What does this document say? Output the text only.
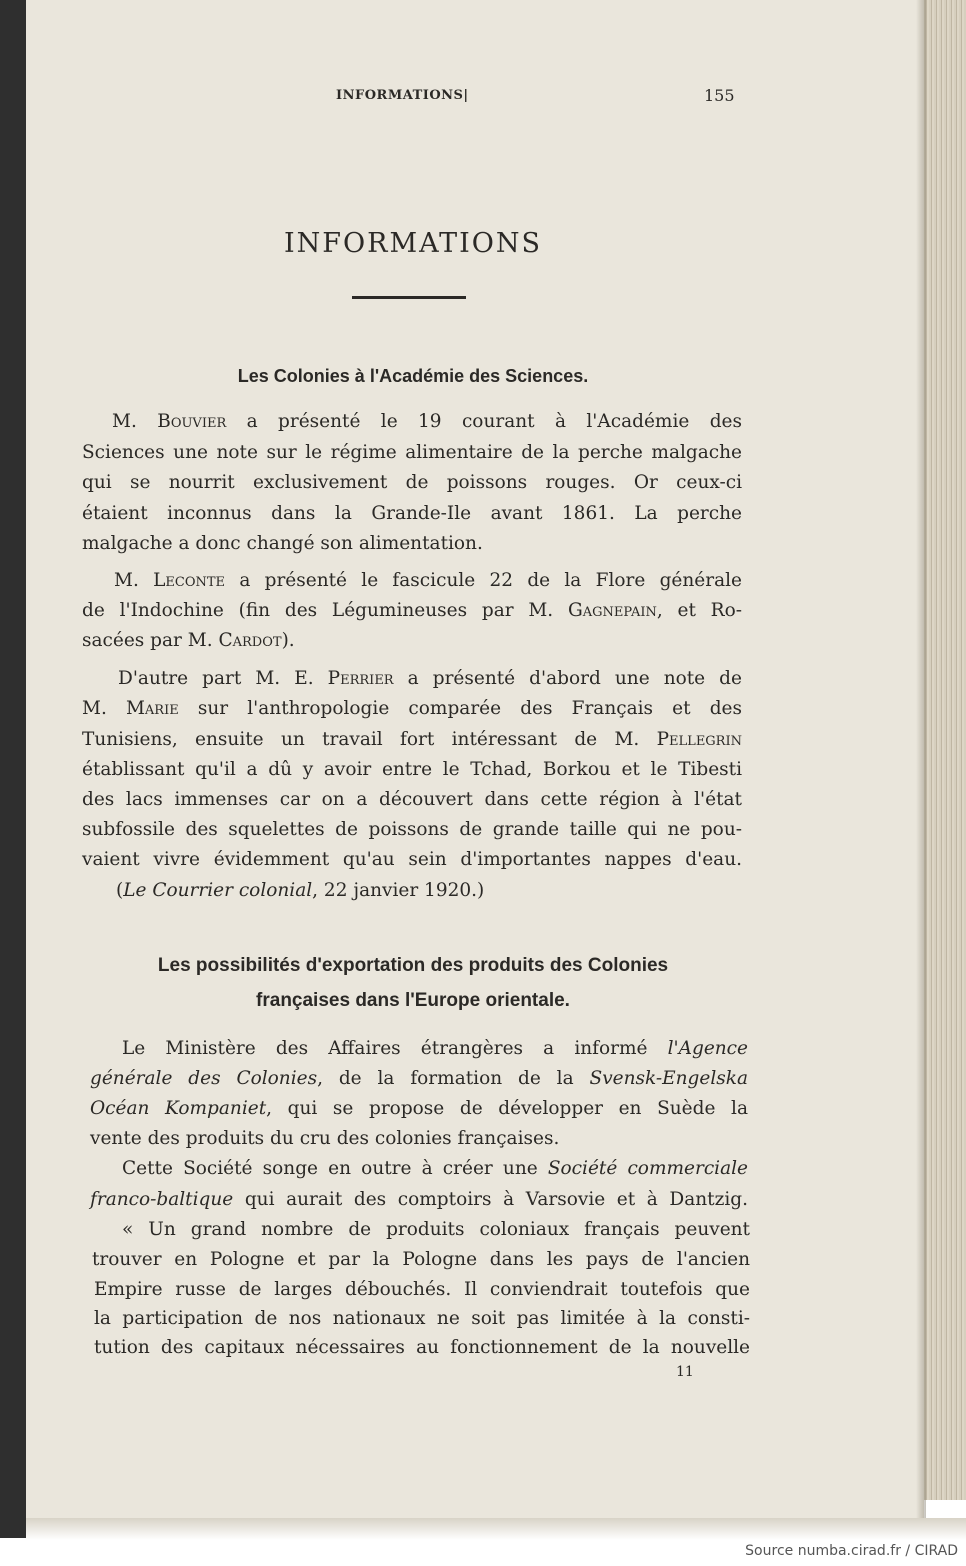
INFORMATIONS|	155
INFORMATIONS
Les Colonies à l'Académie des Sciences.
M. Bouvier a présenté le 19 courant à l'Académie des
Sciences une note sur le régime alimentaire de la perche malgache
qui se nourrit exclusivement de poissons rouges. Or ceux-ci
étaient inconnus dans la Grande-Ile avant 1861. La perche
malgache a donc changé son alimentation.
M. Leconte a présenté le fascicule 22 de la Flore générale
de l'Indochine (fin des Légumineuses par M. Gagnepain, et Ro-
sacées par M. Cardot).
D'autre part M. E. Perrier a présenté d'abord une note de
M. Marie sur l'anthropologie comparée des Français et des
Tunisiens, ensuite un travail fort intéressant de M. Pellegrin
établissant qu'il a dû y avoir entre le Tchad, Borkou et le Tibesti
des lacs immenses car on a découvert dans cette région à l'état
subfossile des squelettes de poissons de grande taille qui ne pou-
vaient vivre évidemment qu'au sein d'importantes nappes d'eau.
(Le Courrier colonial, 22 janvier 1920.)
Les possibilités d'exportation des produits des Colonies
françaises dans l'Europe orientale.
Le Ministère des Affaires étrangères a informé l'Agence
générale des Colonies, de la formation de la Svensk-Engelska
Océan Kompaniet, qui se propose de développer en Suède la
vente des produits du cru des colonies françaises.
Cette Société songe en outre à créer une Société commerciale
franco-baltique qui aurait des comptoirs à Varsovie et à Dantzig.
« Un grand nombre de produits coloniaux français peuvent
trouver en Pologne et par la Pologne dans les pays de l'ancien
Empire russe de larges débouchés. Il conviendrait toutefois que
la participation de nos nationaux ne soit pas limitée à la consti-
tution des capitaux nécessaires au fonctionnement de la nouvelle
11
Source numba.cirad.fr / CIRAD
